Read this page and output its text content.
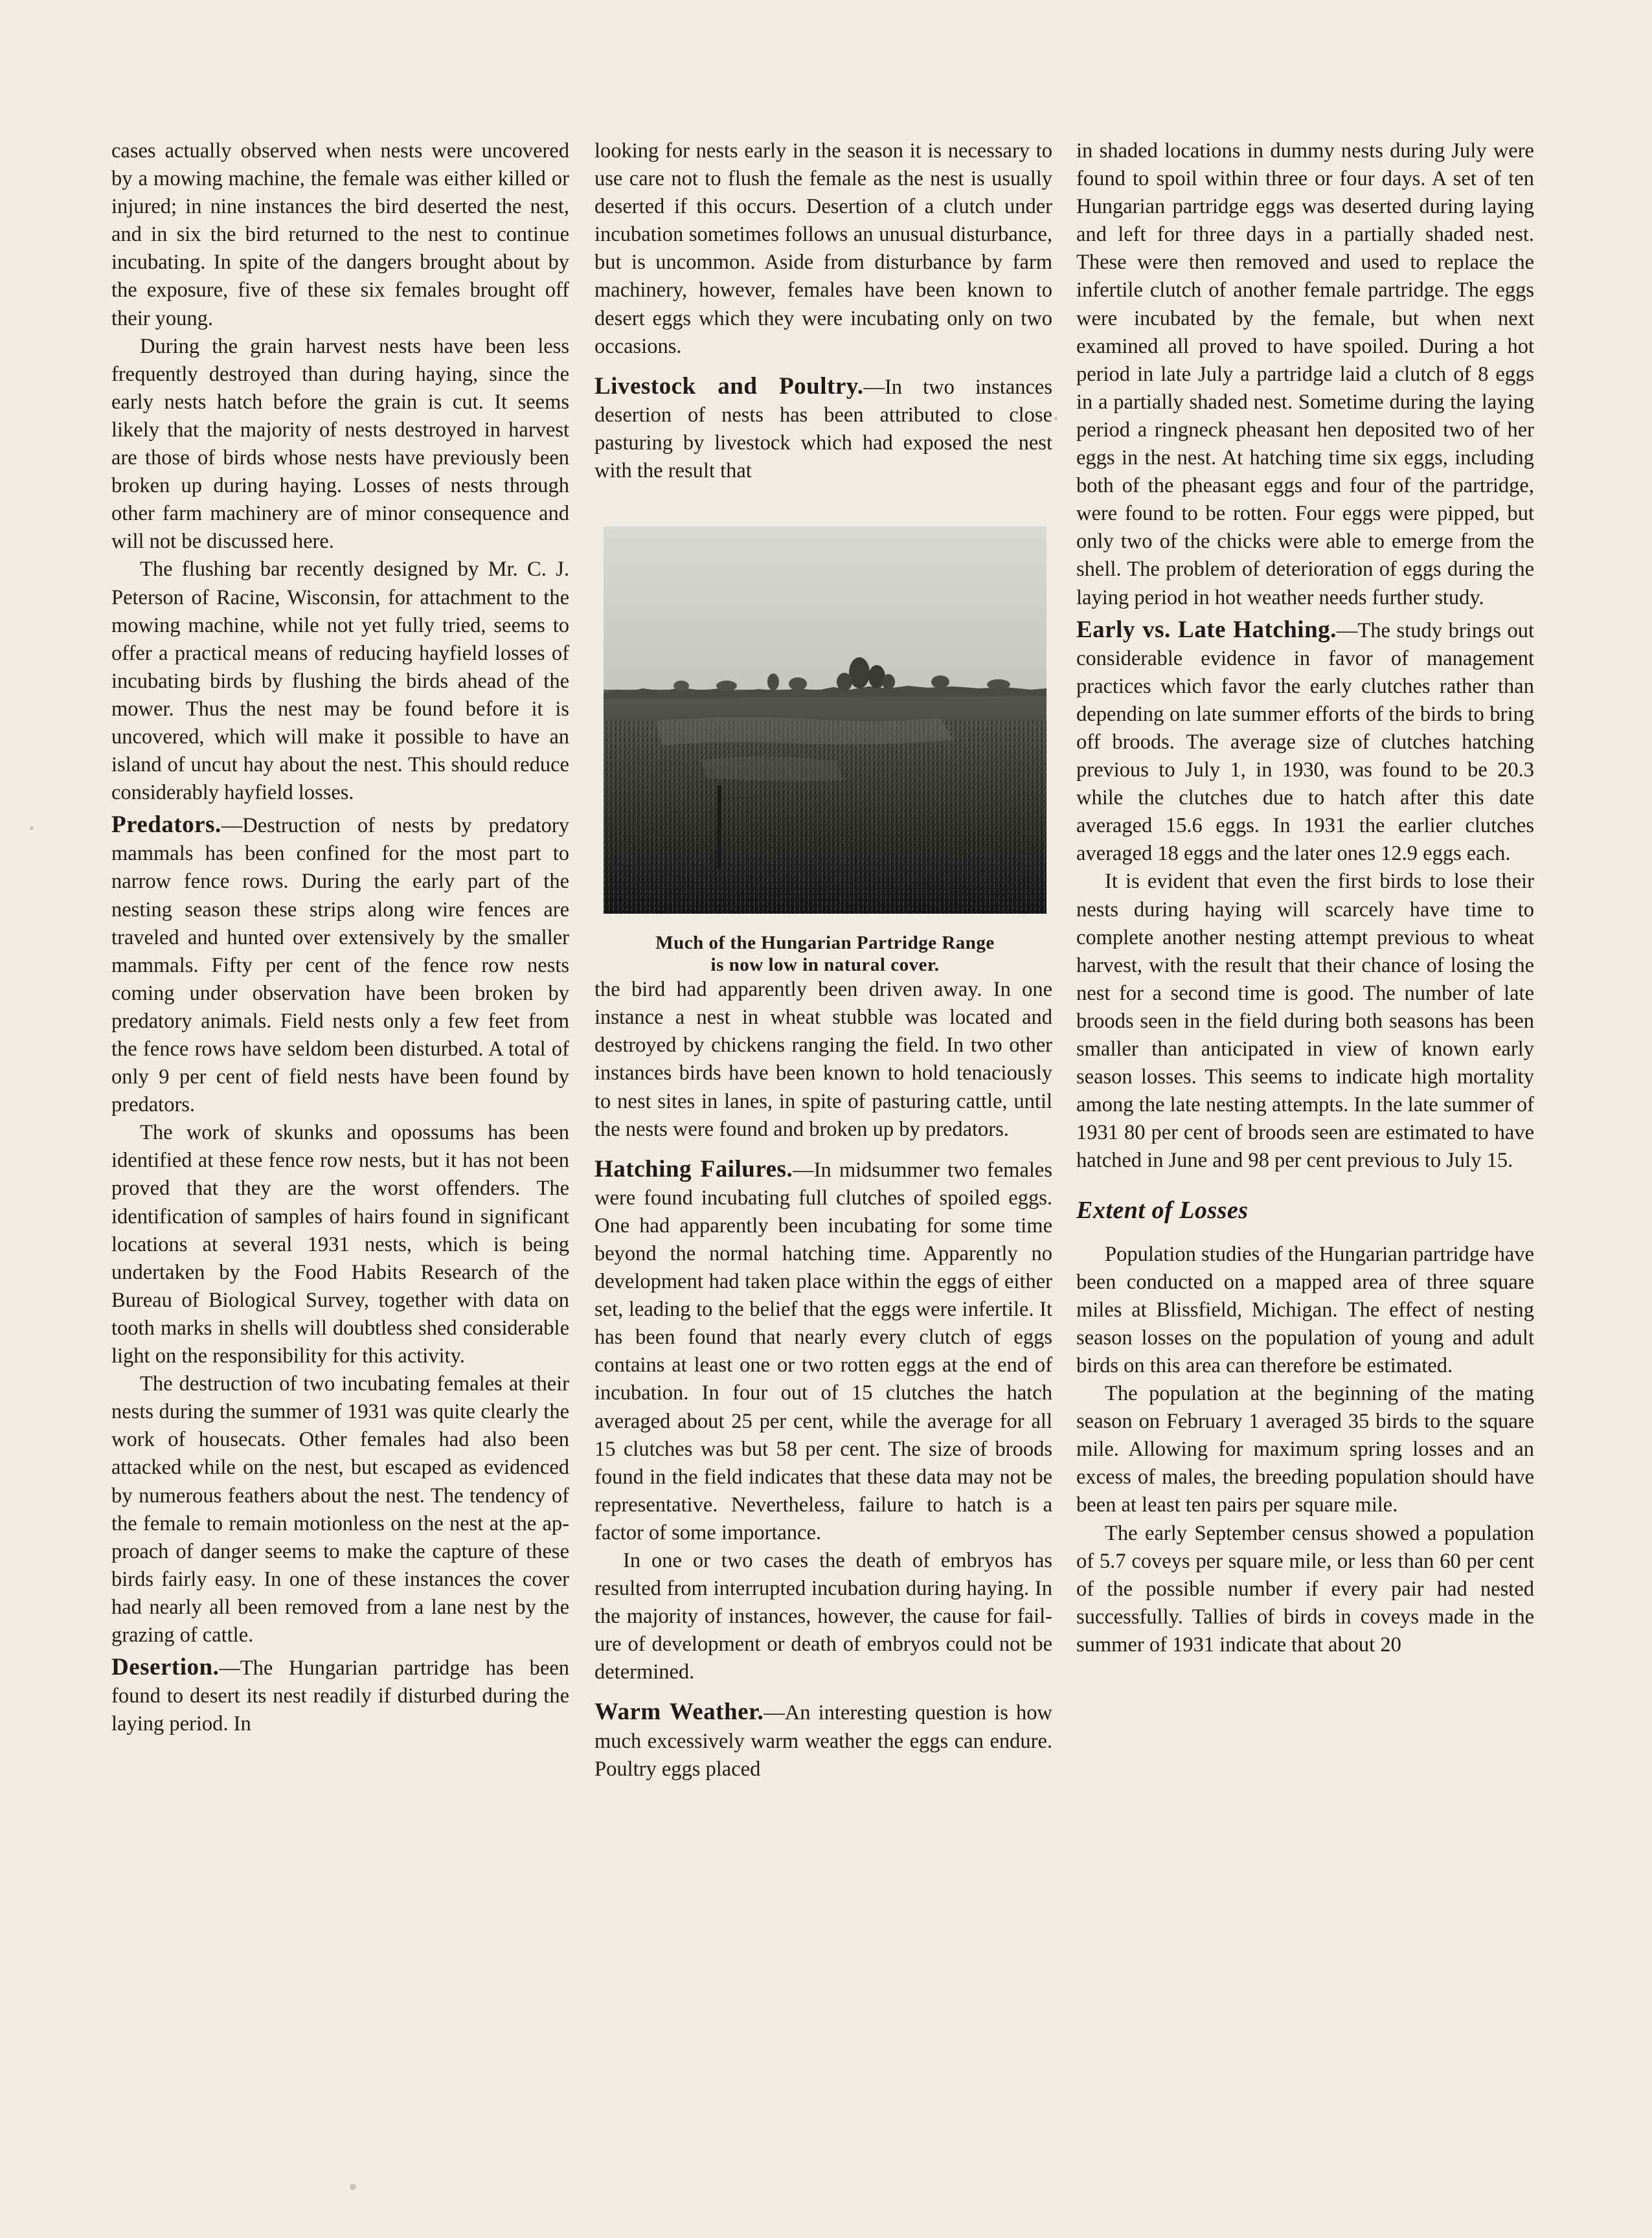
cases actually observed when nests were uncovered by a mowing machine, the female was either killed or injured; in nine instances the bird deserted the nest, and in six the bird returned to the nest to continue incubating. In spite of the dangers brought about by the exposure, five of these six females brought off their young.

During the grain harvest nests have been less frequently destroyed than during haying, since the early nests hatch before the grain is cut. It seems likely that the majority of nests destroyed in harvest are those of birds whose nests have previously been broken up during haying. Losses of nests through other farm machinery are of minor consequence and will not be discussed here.

The flushing bar recently designed by Mr. C. J. Peterson of Racine, Wisconsin, for attachment to the mowing machine, while not yet fully tried, seems to offer a practical means of reducing hayfield losses of incubating birds by flushing the birds ahead of the mower. Thus the nest may be found before it is uncovered, which will make it possible to have an island of uncut hay about the nest. This should reduce considerably hayfield losses.

Predators.—Destruction of nests by predatory mammals has been confined for the most part to narrow fence rows. During the early part of the nesting season these strips along wire fences are traveled and hunted over extensively by the smaller mammals. Fifty per cent of the fence row nests coming under observation have been broken by predatory animals. Field nests only a few feet from the fence rows have seldom been disturbed. A total of only 9 per cent of field nests have been found by predators.

The work of skunks and opossums has been identified at these fence row nests, but it has not been proved that they are the worst offenders. The identification of samples of hairs found in significant locations at several 1931 nests, which is being undertaken by the Food Habits Research of the Bureau of Biological Survey, together with data on tooth marks in shells will doubtless shed considerable light on the responsibility for this activity.

The destruction of two incubating females at their nests during the summer of 1931 was quite clearly the work of housecats. Other females had also been attacked while on the nest, but escaped as evidenced by numerous feathers about the nest. The tendency of the female to remain motionless on the nest at the approach of danger seems to make the capture of these birds fairly easy. In one of these instances the cover had nearly all been removed from a lane nest by the grazing of cattle.

Desertion.—The Hungarian partridge has been found to desert its nest readily if disturbed during the laying period. In

looking for nests early in the season it is necessary to use care not to flush the female as the nest is usually deserted if this occurs. Desertion of a clutch under incubation sometimes follows an unusual disturbance, but is uncommon. Aside from disturbance by farm machinery, however, females have been known to desert eggs which they were incubating only on two occasions.

Livestock and Poultry.—In two instances desertion of nests has been attributed to close pasturing by livestock which had exposed the nest with the result that

Much of the Hungarian Partridge Range
is now low in natural cover.

the bird had apparently been driven away. In one instance a nest in wheat stubble was located and destroyed by chickens ranging the field. In two other instances birds have been known to hold tenaciously to nest sites in lanes, in spite of pasturing cattle, until the nests were found and broken up by predators.

Hatching Failures.—In midsummer two females were found incubating full clutches of spoiled eggs. One had apparently been incubating for some time beyond the normal hatching time. Apparently no development had taken place within the eggs of either set, leading to the belief that the eggs were infertile. It has been found that nearly every clutch of eggs contains at least one or two rotten eggs at the end of incubation. In four out of 15 clutches the hatch averaged about 25 per cent, while the average for all 15 clutches was but 58 per cent. The size of broods found in the field indicates that these data may not be representative. Nevertheless, failure to hatch is a factor of some importance.

In one or two cases the death of embryos has resulted from interrupted incubation during haying. In the majority of instances, however, the cause for failure of development or death of embryos could not be determined.

Warm Weather.—An interesting question is how much excessively warm weather the eggs can endure. Poultry eggs placed

in shaded locations in dummy nests during July were found to spoil within three or four days. A set of ten Hungarian partridge eggs was deserted during laying and left for three days in a partially shaded nest. These were then removed and used to replace the infertile clutch of another female partridge. The eggs were incubated by the female, but when next examined all proved to have spoiled. During a hot period in late July a partridge laid a clutch of 8 eggs in a partially shaded nest. Sometime during the laying period a ringneck pheasant hen deposited two of her eggs in the nest. At hatching time six eggs, including both of the pheasant eggs and four of the partridge, were found to be rotten. Four eggs were pipped, but only two of the chicks were able to emerge from the shell. The problem of deterioration of eggs during the laying period in hot weather needs further study.

Early vs. Late Hatching.—The study brings out considerable evidence in favor of management practices which favor the early clutches rather than depending on late summer efforts of the birds to bring off broods. The average size of clutches hatching previous to July 1, in 1930, was found to be 20.3 while the clutches due to hatch after this date averaged 15.6 eggs. In 1931 the earlier clutches averaged 18 eggs and the later ones 12.9 eggs each.

It is evident that even the first birds to lose their nests during haying will scarcely have time to complete another nesting attempt previous to wheat harvest, with the result that their chance of losing the nest for a second time is good. The number of late broods seen in the field during both seasons has been smaller than anticipated in view of known early season losses. This seems to indicate high mortality among the late nesting attempts. In the late summer of 1931 80 per cent of broods seen are estimated to have hatched in June and 98 per cent previous to July 15.

Extent of Losses

Population studies of the Hungarian partridge have been conducted on a mapped area of three square miles at Blissfield, Michigan. The effect of nesting season losses on the population of young and adult birds on this area can therefore be estimated.

The population at the beginning of the mating season on February 1 averaged 35 birds to the square mile. Allowing for maximum spring losses and an excess of males, the breeding population should have been at least ten pairs per square mile.

The early September census showed a population of 5.7 coveys per square mile, or less than 60 per cent of the possible number if every pair had nested successfully. Tallies of birds in coveys made in the summer of 1931 indicate that about 20
